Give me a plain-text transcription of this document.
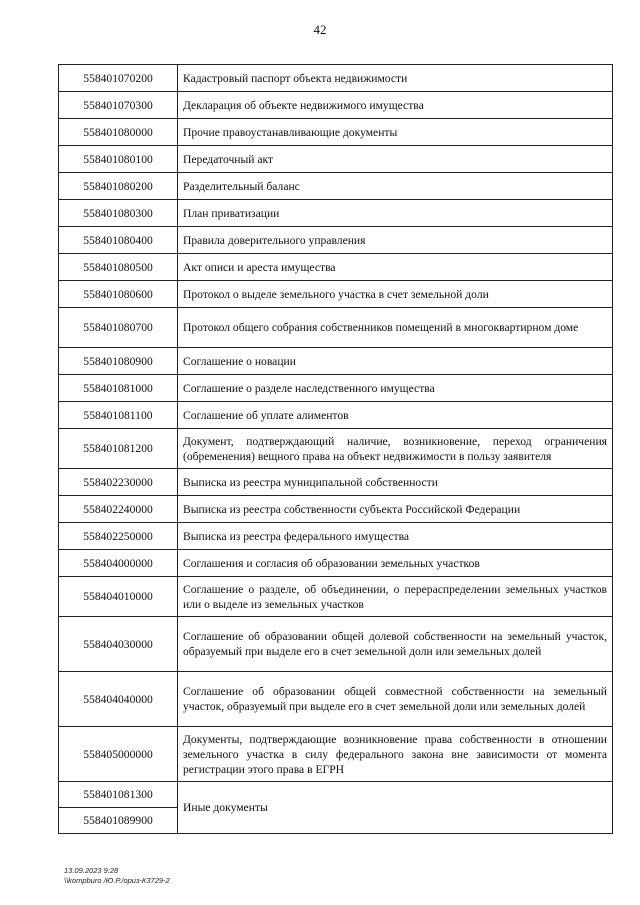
42
558401070200	Кадастровый паспорт объекта недвижимости
558401070300	Декларация об объекте недвижимого имущества
558401080000	Прочие правоустанавливающие документы
558401080100	Передаточный акт
558401080200	Разделительный баланс
558401080300	План приватизации
558401080400	Правила доверительного управления
558401080500	Акт описи и ареста имущества
558401080600	Протокол о выделе земельного участка в счет земельной доли
558401080700	Протокол общего собрания собственников помещений в многоквартирном доме
558401080900	Соглашение о новации
558401081000	Соглашение о разделе наследственного имущества
558401081100	Соглашение об уплате алиментов
558401081200	Документ, подтверждающий наличие, возникновение, переход ограничения (обременения) вещного права на объект недвижимости в пользу заявителя
558402230000	Выписка из реестра муниципальной собственности
558402240000	Выписка из реестра собственности субъекта Российской Федерации
558402250000	Выписка из реестра федерального имущества
558404000000	Соглашения и согласия об образовании земельных участков
558404010000	Соглашение о разделе, об объединении, о перераспределении земельных участков или о выделе из земельных участков
558404030000	Соглашение об образовании общей долевой собственности на земельный участок, образуемый при выделе его в счет земельной доли или земельных долей
558404040000	Соглашение об образовании общей совместной собственности на земельный участок, образуемый при выделе его в счет земельной доли или земельных долей
558405000000	Документы, подтверждающие возникновение права собственности в отношении земельного участка в силу федерального закона вне зависимости от момента регистрации этого права в ЕГРН
558401081300	Иные документы
558401089900	
13.09.2023 9:28
\\kompburo /Ю.Р./ориз-К3729-2
